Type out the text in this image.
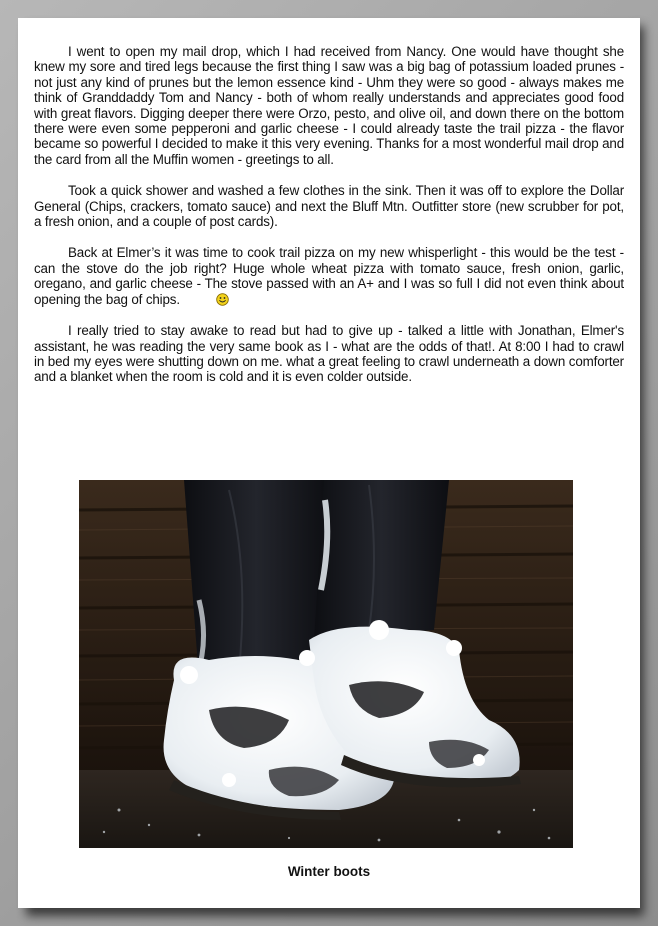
I went to open my mail drop, which I had received from Nancy. One would have thought she knew my sore and tired legs because the first thing I saw was a big bag of potassium loaded prunes - not just any kind of prunes but the lemon essence kind - Uhm they were so good - always makes me think of Granddaddy Tom and Nancy - both of whom really understands and appreciates good food with great flavors. Digging deeper there were Orzo, pesto, and olive oil, and down there on the bottom there were even some pepperoni and garlic cheese - I could already taste the trail pizza - the flavor became so powerful I decided to make it this very evening. Thanks for a most wonderful mail drop and the card from all the Muffin women - greetings to all.

Took a quick shower and washed a few clothes in the sink. Then it was off to explore the Dollar General (Chips, crackers, tomato sauce) and next the Bluff Mtn. Outfitter store (new scrubber for pot, a fresh onion, and a couple of post cards).

Back at Elmer’s it was time to cook trail pizza on my new whisperlight - this would be the test - can the stove do the job right? Huge whole wheat pizza with tomato sauce, fresh onion, garlic, oregano, and garlic cheese - The stove passed with an A+ and I was so full I did not even think about opening the bag of chips.

I really tried to stay awake to read but had to give up - talked a little with Jonathan, Elmer's assistant, he was reading the very same book as I - what are the odds of that!. At 8:00 I had to crawl in bed my eyes were shutting down on me. what a great feeling to crawl underneath a down comforter and a blanket when the room is cold and it is even colder outside.

Winter boots
